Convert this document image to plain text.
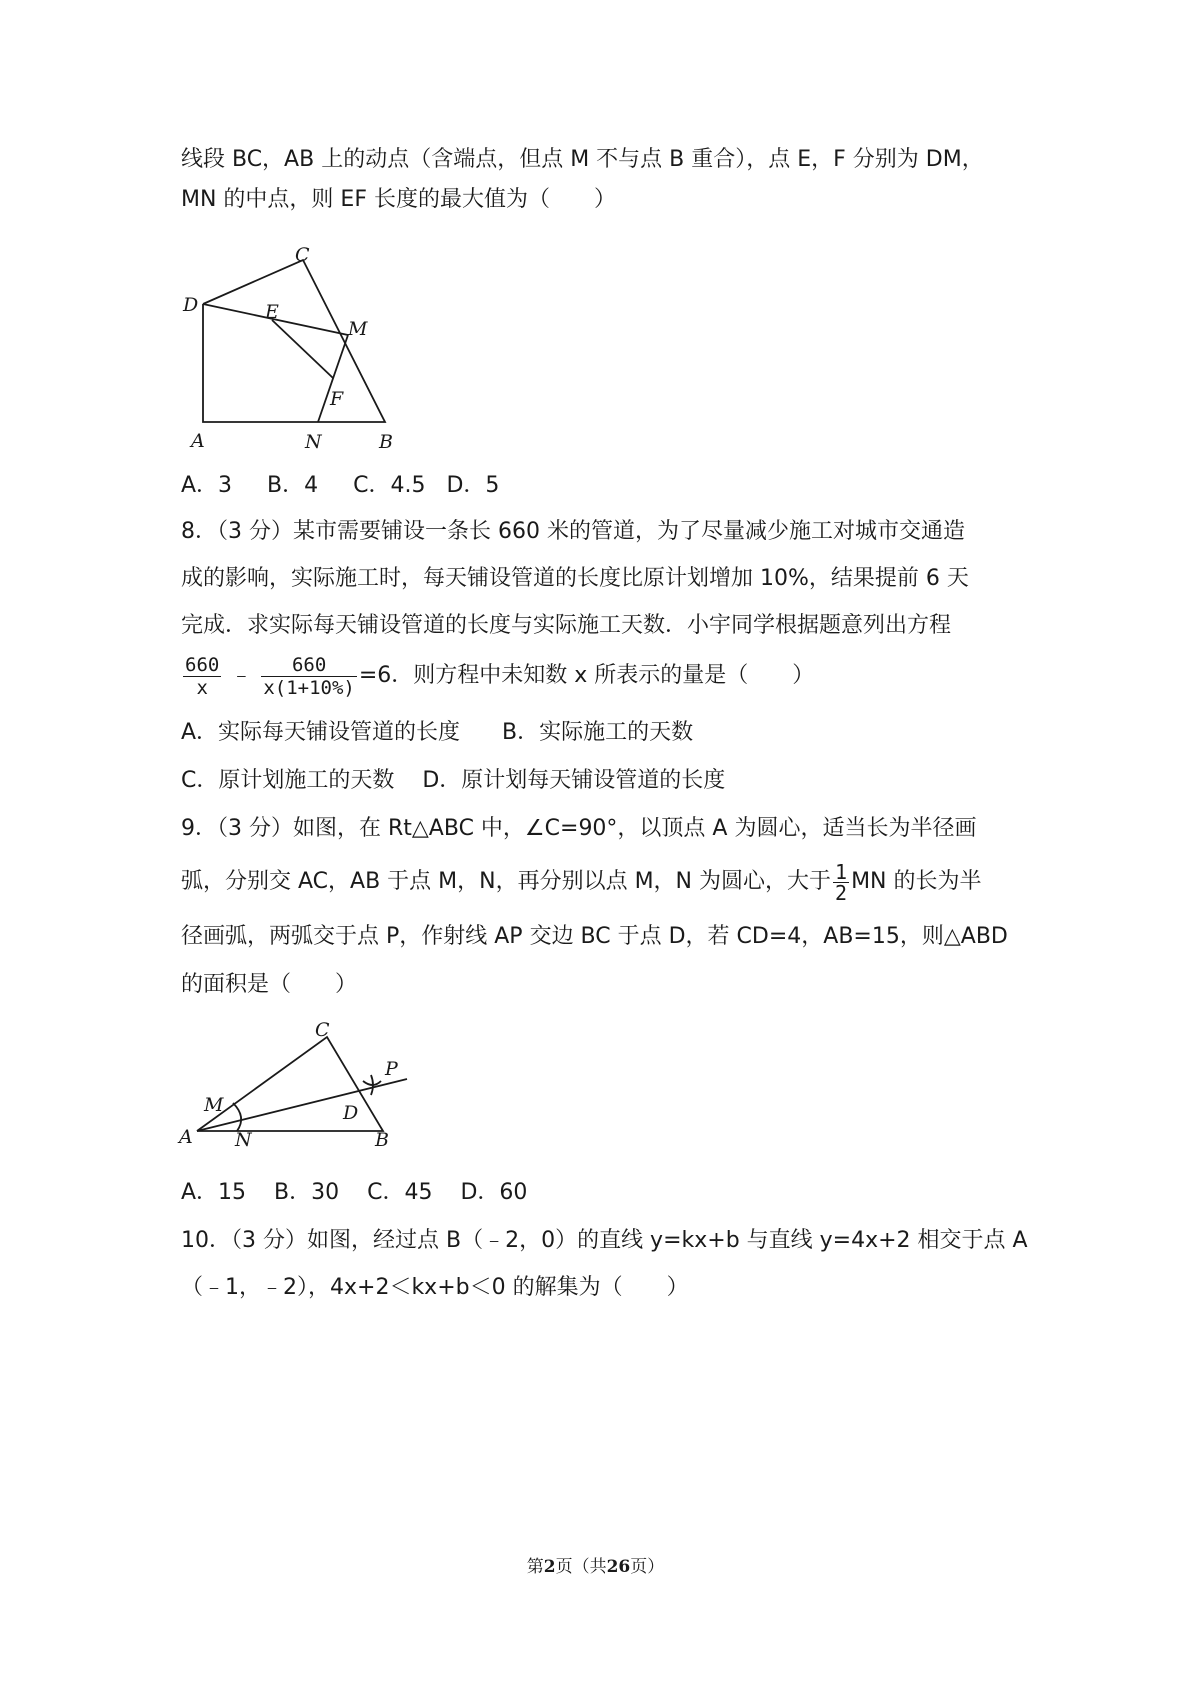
线段 BC，AB 上的动点（含端点，但点 M 不与点 B 重合），点 E，F 分别为 DM，
MN 的中点，则 EF 长度的最大值为（　　）
C
D	E
M
F
A	N	B
A．3 B．4 C．4.5 D．5
8．（3 分）某市需要铺设一条长 660 米的管道，为了尽量减少施工对城市交通造
成的影响，实际施工时，每天铺设管道的长度比原计划增加 10%，结果提前 6 天
完成．求实际每天铺设管道的长度与实际施工天数．小宇同学根据题意列出方程
$\frac{660}{x}$ ﹣ $\frac{660}{x(1+10\%)} =6$．则方程中未知数 x 所表示的量是（　　）
A．实际每天铺设管道的长度 B．实际施工的天数
C．原计划施工的天数 D．原计划每天铺设管道的长度
9．（3 分）如图，在 Rt△ABC 中，∠C=90°，以顶点 A 为圆心，适当长为半径画
弧，分别交 AC，AB 于点 M，N，再分别以点 M，N 为圆心，大于 $\frac{1}{2}$ MN 的长为半
径画弧，两弧交于点 P，作射线 AP 交边 BC 于点 D，若 CD=4，AB=15，则△ABD
的面积是（　　）
C
P
M	D
A N	B
A．15 B．30 C．45 D．60
10．（3 分）如图，经过点 B（﹣2，0）的直线 y=kx+b 与直线 y=4x+2 相交于点 A
（﹣1，﹣2），4x+2＜kx+b＜0 的解集为（　　）
第2页（共26页）
